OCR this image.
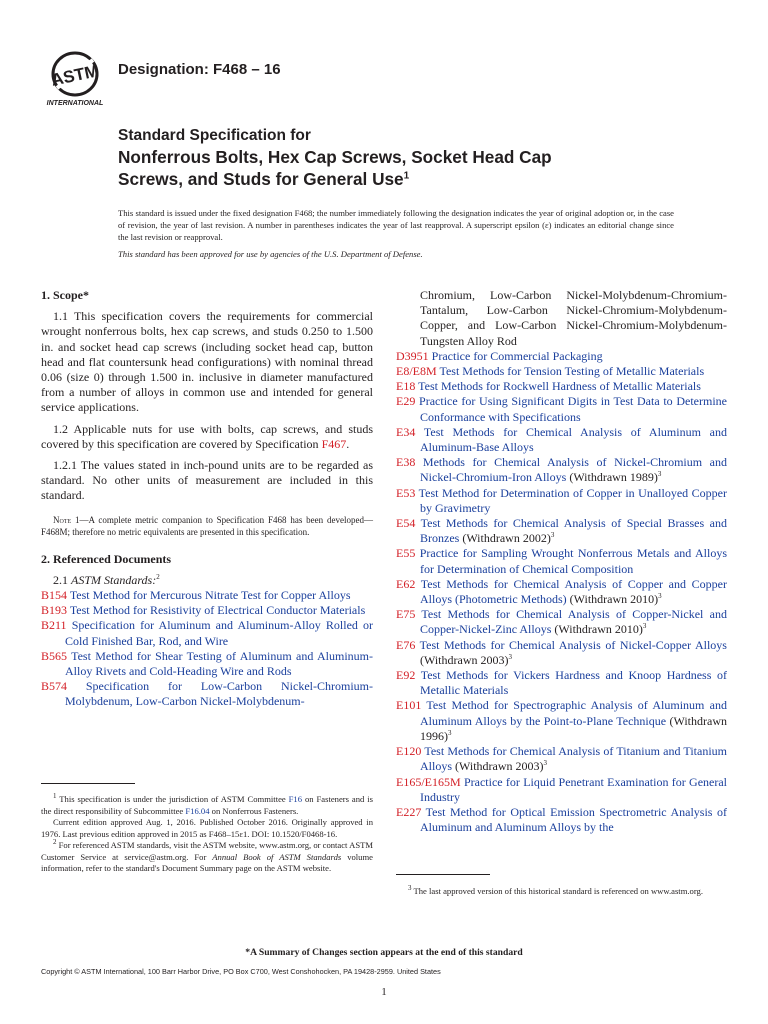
ASTM
INTERNATIONAL
Designation: F468 – 16
Standard Specification for
Nonferrous Bolts, Hex Cap Screws, Socket Head Cap
Screws, and Studs for General Use$^1$
This standard is issued under the fixed designation F468; the number immediately following the designation indicates the year of original adoption or, in the case of revision, the year of last revision. A number in parentheses indicates the year of last reapproval. A superscript epsilon (ε) indicates an editorial change since the last revision or reapproval.
This standard has been approved for use by agencies of the U.S. Department of Defense.
1. Scope*
1.1 This specification covers the requirements for commercial wrought nonferrous bolts, hex cap screws, and studs 0.250 to 1.500 in. and socket head cap screws (including socket head cap, button head and flat countersunk head configurations) with nominal thread 0.06 (size 0) through 1.500 in. inclusive in diameter manufactured from a number of alloys in common use and intended for general service applications.
1.2 Applicable nuts for use with bolts, cap screws, and studs covered by this specification are covered by Specification F467.
1.2.1 The values stated in inch-pound units are to be regarded as standard. No other units of measurement are included in this standard.
Note 1—A complete metric companion to Specification F468 has been developed—F468M; therefore no metric equivalents are presented in this specification.
2. Referenced Documents
2.1 ASTM Standards:$^2$
B154 Test Method for Mercurous Nitrate Test for Copper Alloys
B193 Test Method for Resistivity of Electrical Conductor Materials
B211 Specification for Aluminum and Aluminum-Alloy Rolled or Cold Finished Bar, Rod, and Wire
B565 Test Method for Shear Testing of Aluminum and Aluminum-Alloy Rivets and Cold-Heading Wire and Rods
B574 Specification for Low-Carbon Nickel-Chromium-Molybdenum, Low-Carbon Nickel-Molybdenum-
$^1$ This specification is under the jurisdiction of ASTM Committee F16 on Fasteners and is the direct responsibility of Subcommittee F16.04 on Nonferrous Fasteners.
Current edition approved Aug. 1, 2016. Published October 2016. Originally approved in 1976. Last previous edition approved in 2015 as F468–15ε1. DOI: 10.1520/F0468-16.
$^2$ For referenced ASTM standards, visit the ASTM website, www.astm.org, or contact ASTM Customer Service at service@astm.org. For Annual Book of ASTM Standards volume information, refer to the standard's Document Summary page on the ASTM website.
Chromium, Low-Carbon Nickel-Molybdenum-Chromium-Tantalum, Low-Carbon Nickel-Chromium-Molybdenum-Copper, and Low-Carbon Nickel-Chromium-Molybdenum-Tungsten Alloy Rod
D3951 Practice for Commercial Packaging
E8/E8M Test Methods for Tension Testing of Metallic Materials
E18 Test Methods for Rockwell Hardness of Metallic Materials
E29 Practice for Using Significant Digits in Test Data to Determine Conformance with Specifications
E34 Test Methods for Chemical Analysis of Aluminum and Aluminum-Base Alloys
E38 Methods for Chemical Analysis of Nickel-Chromium and Nickel-Chromium-Iron Alloys (Withdrawn 1989)$^3$
E53 Test Method for Determination of Copper in Unalloyed Copper by Gravimetry
E54 Test Methods for Chemical Analysis of Special Brasses and Bronzes (Withdrawn 2002)$^3$
E55 Practice for Sampling Wrought Nonferrous Metals and Alloys for Determination of Chemical Composition
E62 Test Methods for Chemical Analysis of Copper and Copper Alloys (Photometric Methods) (Withdrawn 2010)$^3$
E75 Test Methods for Chemical Analysis of Copper-Nickel and Copper-Nickel-Zinc Alloys (Withdrawn 2010)$^3$
E76 Test Methods for Chemical Analysis of Nickel-Copper Alloys (Withdrawn 2003)$^3$
E92 Test Methods for Vickers Hardness and Knoop Hardness of Metallic Materials
E101 Test Method for Spectrographic Analysis of Aluminum and Aluminum Alloys by the Point-to-Plane Technique (Withdrawn 1996)$^3$
E120 Test Methods for Chemical Analysis of Titanium and Titanium Alloys (Withdrawn 2003)$^3$
E165/E165M Practice for Liquid Penetrant Examination for General Industry
E227 Test Method for Optical Emission Spectrometric Analysis of Aluminum and Aluminum Alloys by the
$^3$ The last approved version of this historical standard is referenced on www.astm.org.
*A Summary of Changes section appears at the end of this standard
Copyright © ASTM International, 100 Barr Harbor Drive, PO Box C700, West Conshohocken, PA 19428-2959. United States
1
